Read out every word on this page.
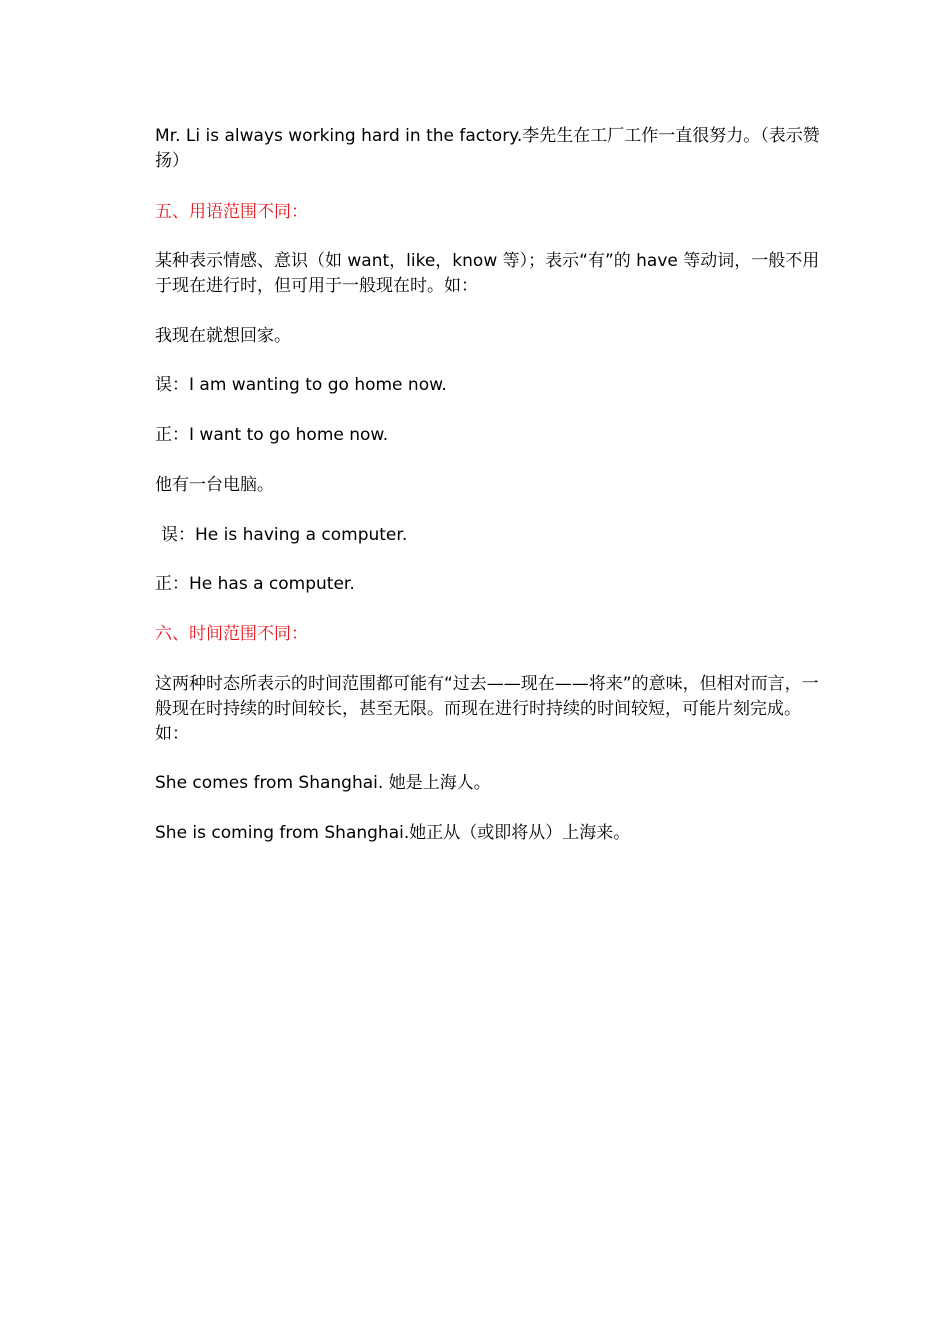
Mr. Li is always working hard in the factory.李先生在工厂工作一直很努力。（表示赞扬）
五、用语范围不同：
某种表示情感、意识（如 want，like，know 等）；表示“有”的 have 等动词，一般不用于现在进行时，但可用于一般现在时。如：
我现在就想回家。
误：I am wanting to go home now.
正：I want to go home now.
他有一台电脑。
误：He is having a computer.
正：He has a computer.
六、时间范围不同：
这两种时态所表示的时间范围都可能有“过去——现在——将来”的意味，但相对而言，一般现在时持续的时间较长，甚至无限。而现在进行时持续的时间较短，可能片刻完成。如：
She comes from Shanghai. 她是上海人。
She is coming from Shanghai.她正从（或即将从）上海来。
